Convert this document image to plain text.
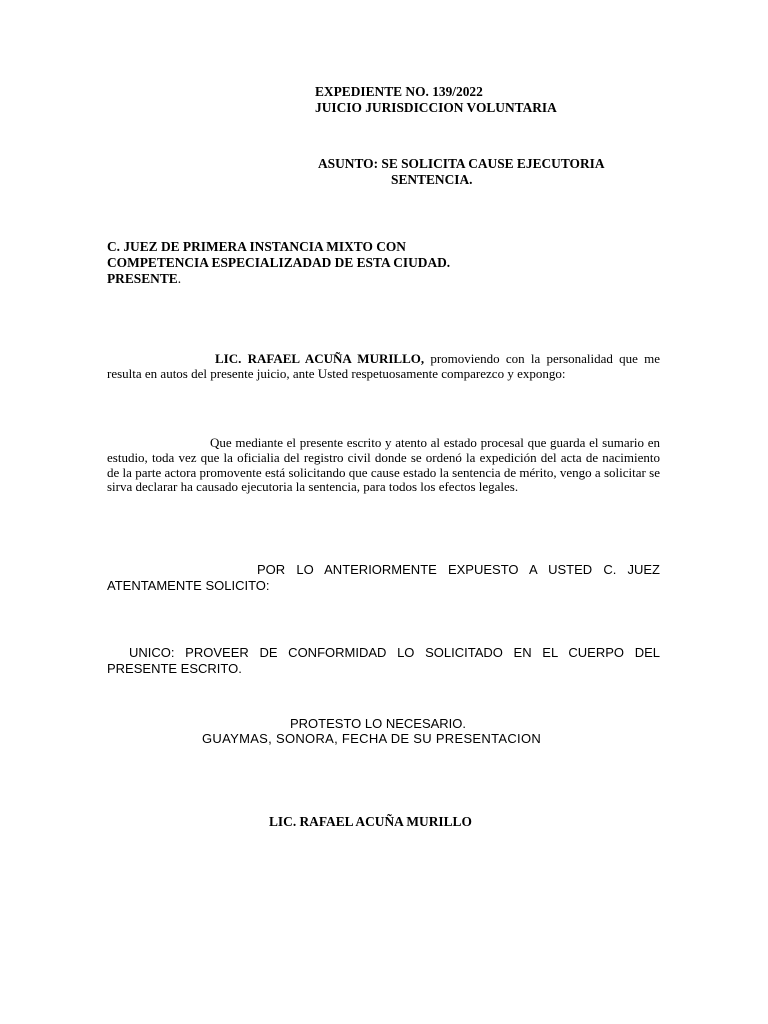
EXPEDIENTE NO. 139/2022
JUICIO JURISDICCION VOLUNTARIA
ASUNTO: SE SOLICITA CAUSE EJECUTORIA
SENTENCIA.
C. JUEZ DE PRIMERA INSTANCIA MIXTO CON
COMPETENCIA ESPECIALIZADAD DE ESTA CIUDAD.
PRESENTE.
LIC. RAFAEL ACUÑA MURILLO, promoviendo con la personalidad que me resulta en autos del presente juicio, ante Usted respetuosamente comparezco y expongo:
Que mediante el presente escrito y atento al estado procesal que guarda el sumario en estudio, toda vez que la oficialia del registro civil donde se ordenó la expedición del acta de nacimiento de la parte actora promovente está solicitando que cause estado la sentencia de mérito, vengo a solicitar se sirva declarar ha causado ejecutoria la sentencia, para todos los efectos legales.
POR LO ANTERIORMENTE EXPUESTO A USTED C. JUEZ ATENTAMENTE SOLICITO:
UNICO: PROVEER DE CONFORMIDAD LO SOLICITADO EN EL CUERPO DEL PRESENTE ESCRITO.
PROTESTO LO NECESARIO.
GUAYMAS, SONORA, FECHA DE SU PRESENTACION
LIC. RAFAEL ACUÑA MURILLO
